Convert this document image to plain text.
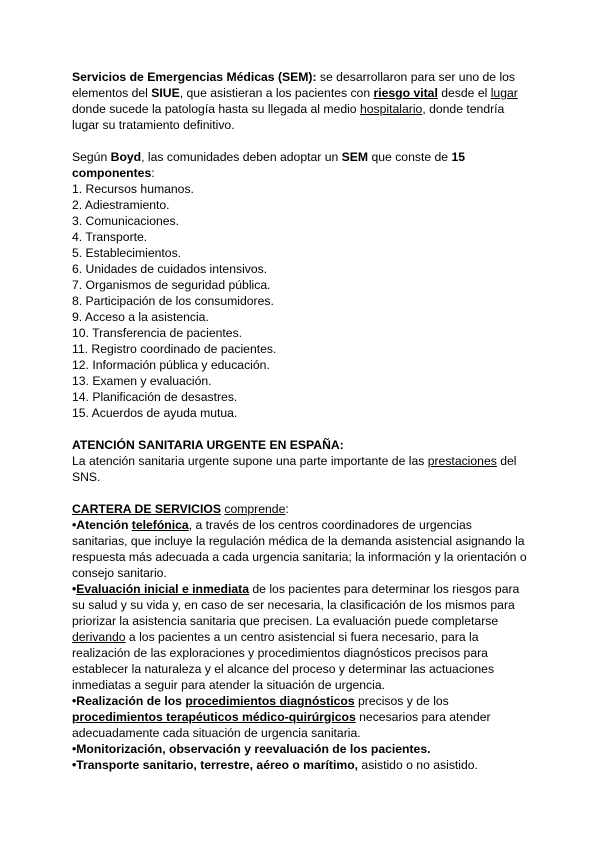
Servicios de Emergencias Médicas (SEM): se desarrollaron para ser uno de los elementos del SIUE, que asistieran a los pacientes con riesgo vital desde el lugar donde sucede la patología hasta su llegada al medio hospitalario, donde tendría lugar su tratamiento definitivo.

Según Boyd, las comunidades deben adoptar un SEM que conste de 15 componentes:

1. Recursos humanos.

2. Adiestramiento.

3. Comunicaciones.

4. Transporte.

5. Establecimientos.

6. Unidades de cuidados intensivos.

7. Organismos de seguridad pública.

8. Participación de los consumidores.

9. Acceso a la asistencia.

10. Transferencia de pacientes.

11. Registro coordinado de pacientes.

12. Información pública y educación.

13. Examen y evaluación.

14. Planificación de desastres.

15. Acuerdos de ayuda mutua.

ATENCIÓN SANITARIA URGENTE EN ESPAÑA:

La atención sanitaria urgente supone una parte importante de las prestaciones del SNS.

CARTERA DE SERVICIOS comprende:

•Atención telefónica, a través de los centros coordinadores de urgencias sanitarias, que incluye la regulación médica de la demanda asistencial asignando la respuesta más adecuada a cada urgencia sanitaria; la información y la orientación o consejo sanitario.

•Evaluación inicial e inmediata de los pacientes para determinar los riesgos para su salud y su vida y, en caso de ser necesaria, la clasificación de los mismos para priorizar la asistencia sanitaria que precisen. La evaluación puede completarse derivando a los pacientes a un centro asistencial si fuera necesario, para la realización de las exploraciones y procedimientos diagnósticos precisos para establecer la naturaleza y el alcance del proceso y determinar las actuaciones inmediatas a seguir para atender la situación de urgencia.

•Realización de los procedimientos diagnósticos precisos y de los procedimientos terapéuticos médico-quirúrgicos necesarios para atender adecuadamente cada situación de urgencia sanitaria.

•Monitorización, observación y reevaluación de los pacientes.

•Transporte sanitario, terrestre, aéreo o marítimo, asistido o no asistido.
